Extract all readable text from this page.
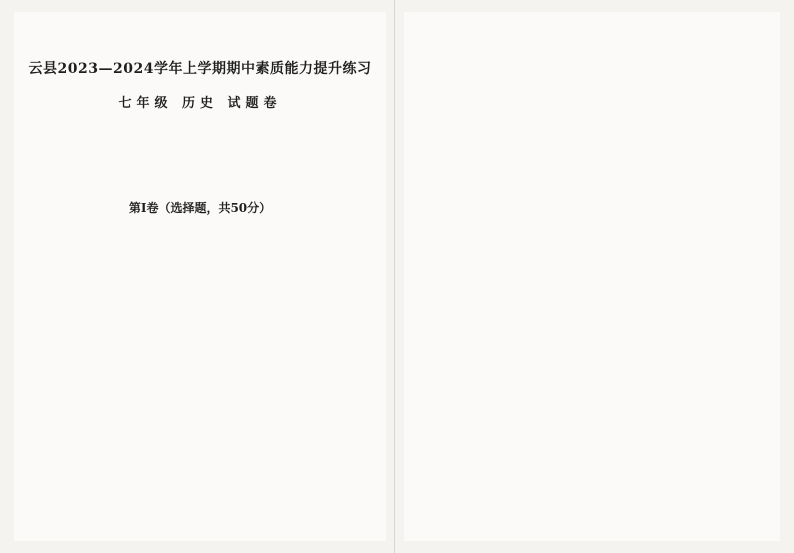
云县2023—2024学年上学期期中素质能力提升练习
七年级 历史 试题卷
第Ⅰ卷（选择题，共50分）
